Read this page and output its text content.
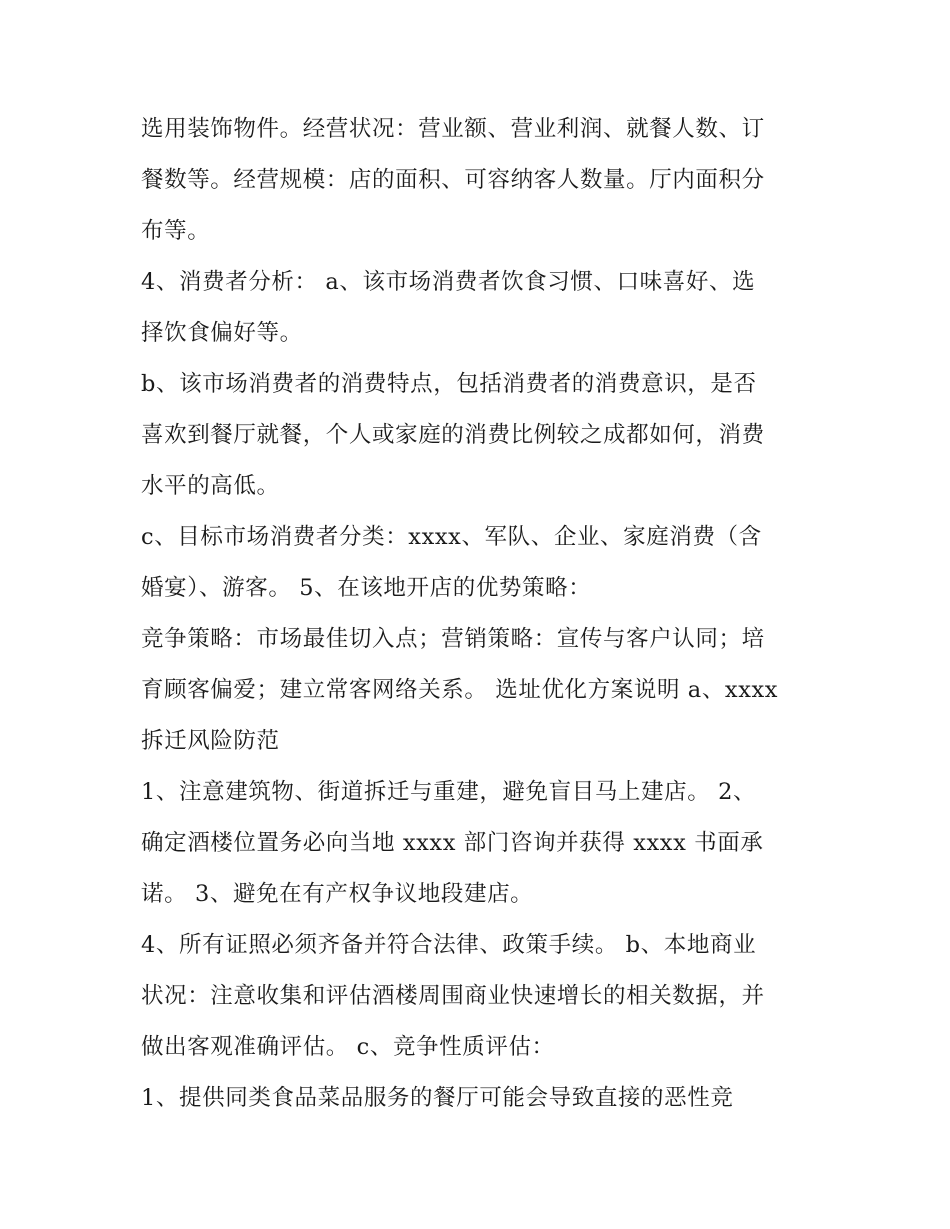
选用装饰物件。经营状况：营业额、营业利润、就餐人数、订
餐数等。经营规模：店的面积、可容纳客人数量。厅内面积分
布等。
4、消费者分析： a、该市场消费者饮食习惯、口味喜好、选
择饮食偏好等。
b、该市场消费者的消费特点，包括消费者的消费意识，是否
喜欢到餐厅就餐，个人或家庭的消费比例较之成都如何，消费
水平的高低。
c、目标市场消费者分类：xxxx、军队、企业、家庭消费（含
婚宴）、游客。 5、在该地开店的优势策略：
竞争策略：市场最佳切入点；营销策略：宣传与客户认同；培
育顾客偏爱；建立常客网络关系。 选址优化方案说明 a、xxxx
拆迁风险防范
1、注意建筑物、街道拆迁与重建，避免盲目马上建店。 2、
确定酒楼位置务必向当地 xxxx 部门咨询并获得 xxxx 书面承
诺。 3、避免在有产权争议地段建店。
4、所有证照必须齐备并符合法律、政策手续。 b、本地商业
状况：注意收集和评估酒楼周围商业快速增长的相关数据，并
做出客观准确评估。 c、竞争性质评估：
1、提供同类食品菜品服务的餐厅可能会导致直接的恶性竞
